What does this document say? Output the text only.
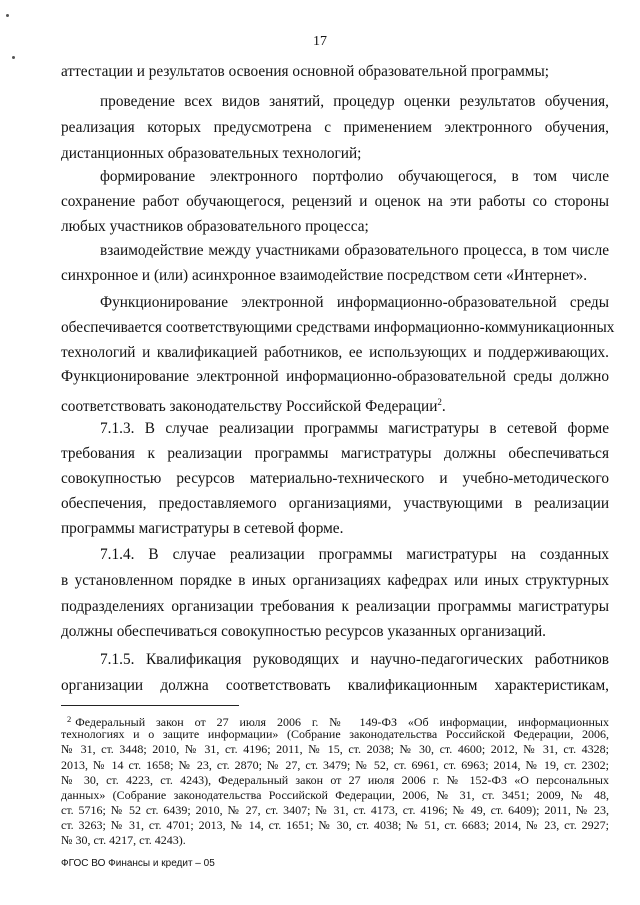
17
аттестации и результатов освоения основной образовательной программы;
проведение всех видов занятий, процедур оценки результатов обучения,
реализация которых предусмотрена с применением электронного обучения,
дистанционных образовательных технологий;
формирование электронного портфолио обучающегося, в том числе
сохранение работ обучающегося, рецензий и оценок на эти работы со стороны
любых участников образовательного процесса;
взаимодействие между участниками образовательного процесса, в том числе
синхронное и (или) асинхронное взаимодействие посредством сети «Интернет».
Функционирование электронной информационно-образовательной среды
обеспечивается соответствующими средствами информационно-коммуникационных
технологий и квалификацией работников, ее использующих и поддерживающих.
Функционирование электронной информационно-образовательной среды должно
соответствовать законодательству Российской Федерации$^2$.
7.1.3. В случае реализации программы магистратуры в сетевой форме
требования к реализации программы магистратуры должны обеспечиваться
совокупностью ресурсов материально-технического и учебно-методического
обеспечения, предоставляемого организациями, участвующими в реализации
программы магистратуры в сетевой форме.
7.1.4. В случае реализации программы магистратуры на созданных
в установленном порядке в иных организациях кафедрах или иных структурных
подразделениях организации требования к реализации программы магистратуры
должны обеспечиваться совокупностью ресурсов указанных организаций.
7.1.5. Квалификация руководящих и научно-педагогических работников
организации должна соответствовать квалификационным характеристикам,
$^2$ Федеральный закон от 27 июля 2006 г. № 149-ФЗ «Об информации, информационных
технологиях и о защите информации» (Собрание законодательства Российской Федерации, 2006,
№ 31, ст. 3448; 2010, № 31, ст. 4196; 2011, № 15, ст. 2038; № 30, ст. 4600; 2012, № 31, ст. 4328;
2013, № 14 ст. 1658; № 23, ст. 2870; № 27, ст. 3479; № 52, ст. 6961, ст. 6963; 2014, № 19, ст. 2302;
№ 30, ст. 4223, ст. 4243), Федеральный закон от 27 июля 2006 г. № 152-ФЗ «О персональных
данных» (Собрание законодательства Российской Федерации, 2006, № 31, ст. 3451; 2009, № 48,
ст. 5716; № 52 ст. 6439; 2010, № 27, ст. 3407; № 31, ст. 4173, ст. 4196; № 49, ст. 6409); 2011, № 23,
ст. 3263; № 31, ст. 4701; 2013, № 14, ст. 1651; № 30, ст. 4038; № 51, ст. 6683; 2014, № 23, ст. 2927;
№ 30, ст. 4217, ст. 4243).
ФГОС ВО Финансы и кредит – 05
